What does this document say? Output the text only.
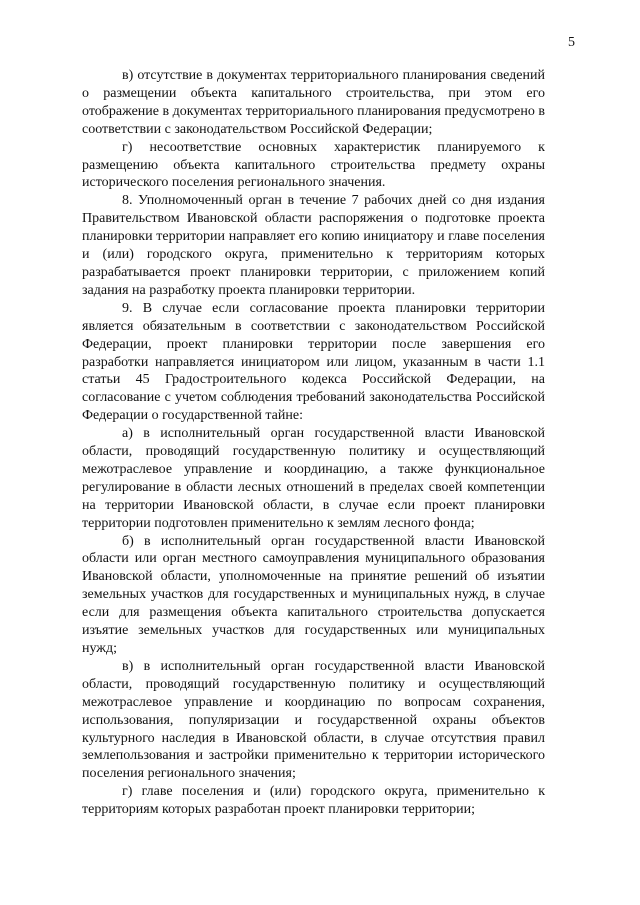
5

в) отсутствие в документах территориального планирования сведений о размещении объекта капитального строительства, при этом его отображение в документах территориального планирования предусмотрено в соответствии с законодательством Российской Федерации;

г) несоответствие основных характеристик планируемого к размещению объекта капитального строительства предмету охраны исторического поселения регионального значения.

8. Уполномоченный орган в течение 7 рабочих дней со дня издания Правительством Ивановской области распоряжения о подготовке проекта планировки территории направляет его копию инициатору и главе поселения и (или) городского округа, применительно к территориям которых разрабатывается проект планировки территории, с приложением копий задания на разработку проекта планировки территории.

9. В случае если согласование проекта планировки территории является обязательным в соответствии с законодательством Российской Федерации, проект планировки территории после завершения его разработки направляется инициатором или лицом, указанным в части 1.1 статьи 45 Градостроительного кодекса Российской Федерации, на согласование с учетом соблюдения требований законодательства Российской Федерации о государственной тайне:

а) в исполнительный орган государственной власти Ивановской области, проводящий государственную политику и осуществляющий межотраслевое управление и координацию, а также функциональное регулирование в области лесных отношений в пределах своей компетенции на территории Ивановской области, в случае если проект планировки территории подготовлен применительно к землям лесного фонда;

б) в исполнительный орган государственной власти Ивановской области или орган местного самоуправления муниципального образования Ивановской области, уполномоченные на принятие решений об изъятии земельных участков для государственных и муниципальных нужд, в случае если для размещения объекта капитального строительства допускается изъятие земельных участков для государственных или муниципальных нужд;

в) в исполнительный орган государственной власти Ивановской области, проводящий государственную политику и осуществляющий межотраслевое управление и координацию по вопросам сохранения, использования, популяризации и государственной охраны объектов культурного наследия в Ивановской области, в случае отсутствия правил землепользования и застройки применительно к территории исторического поселения регионального значения;

г) главе поселения и (или) городского округа, применительно к территориям которых разработан проект планировки территории;
